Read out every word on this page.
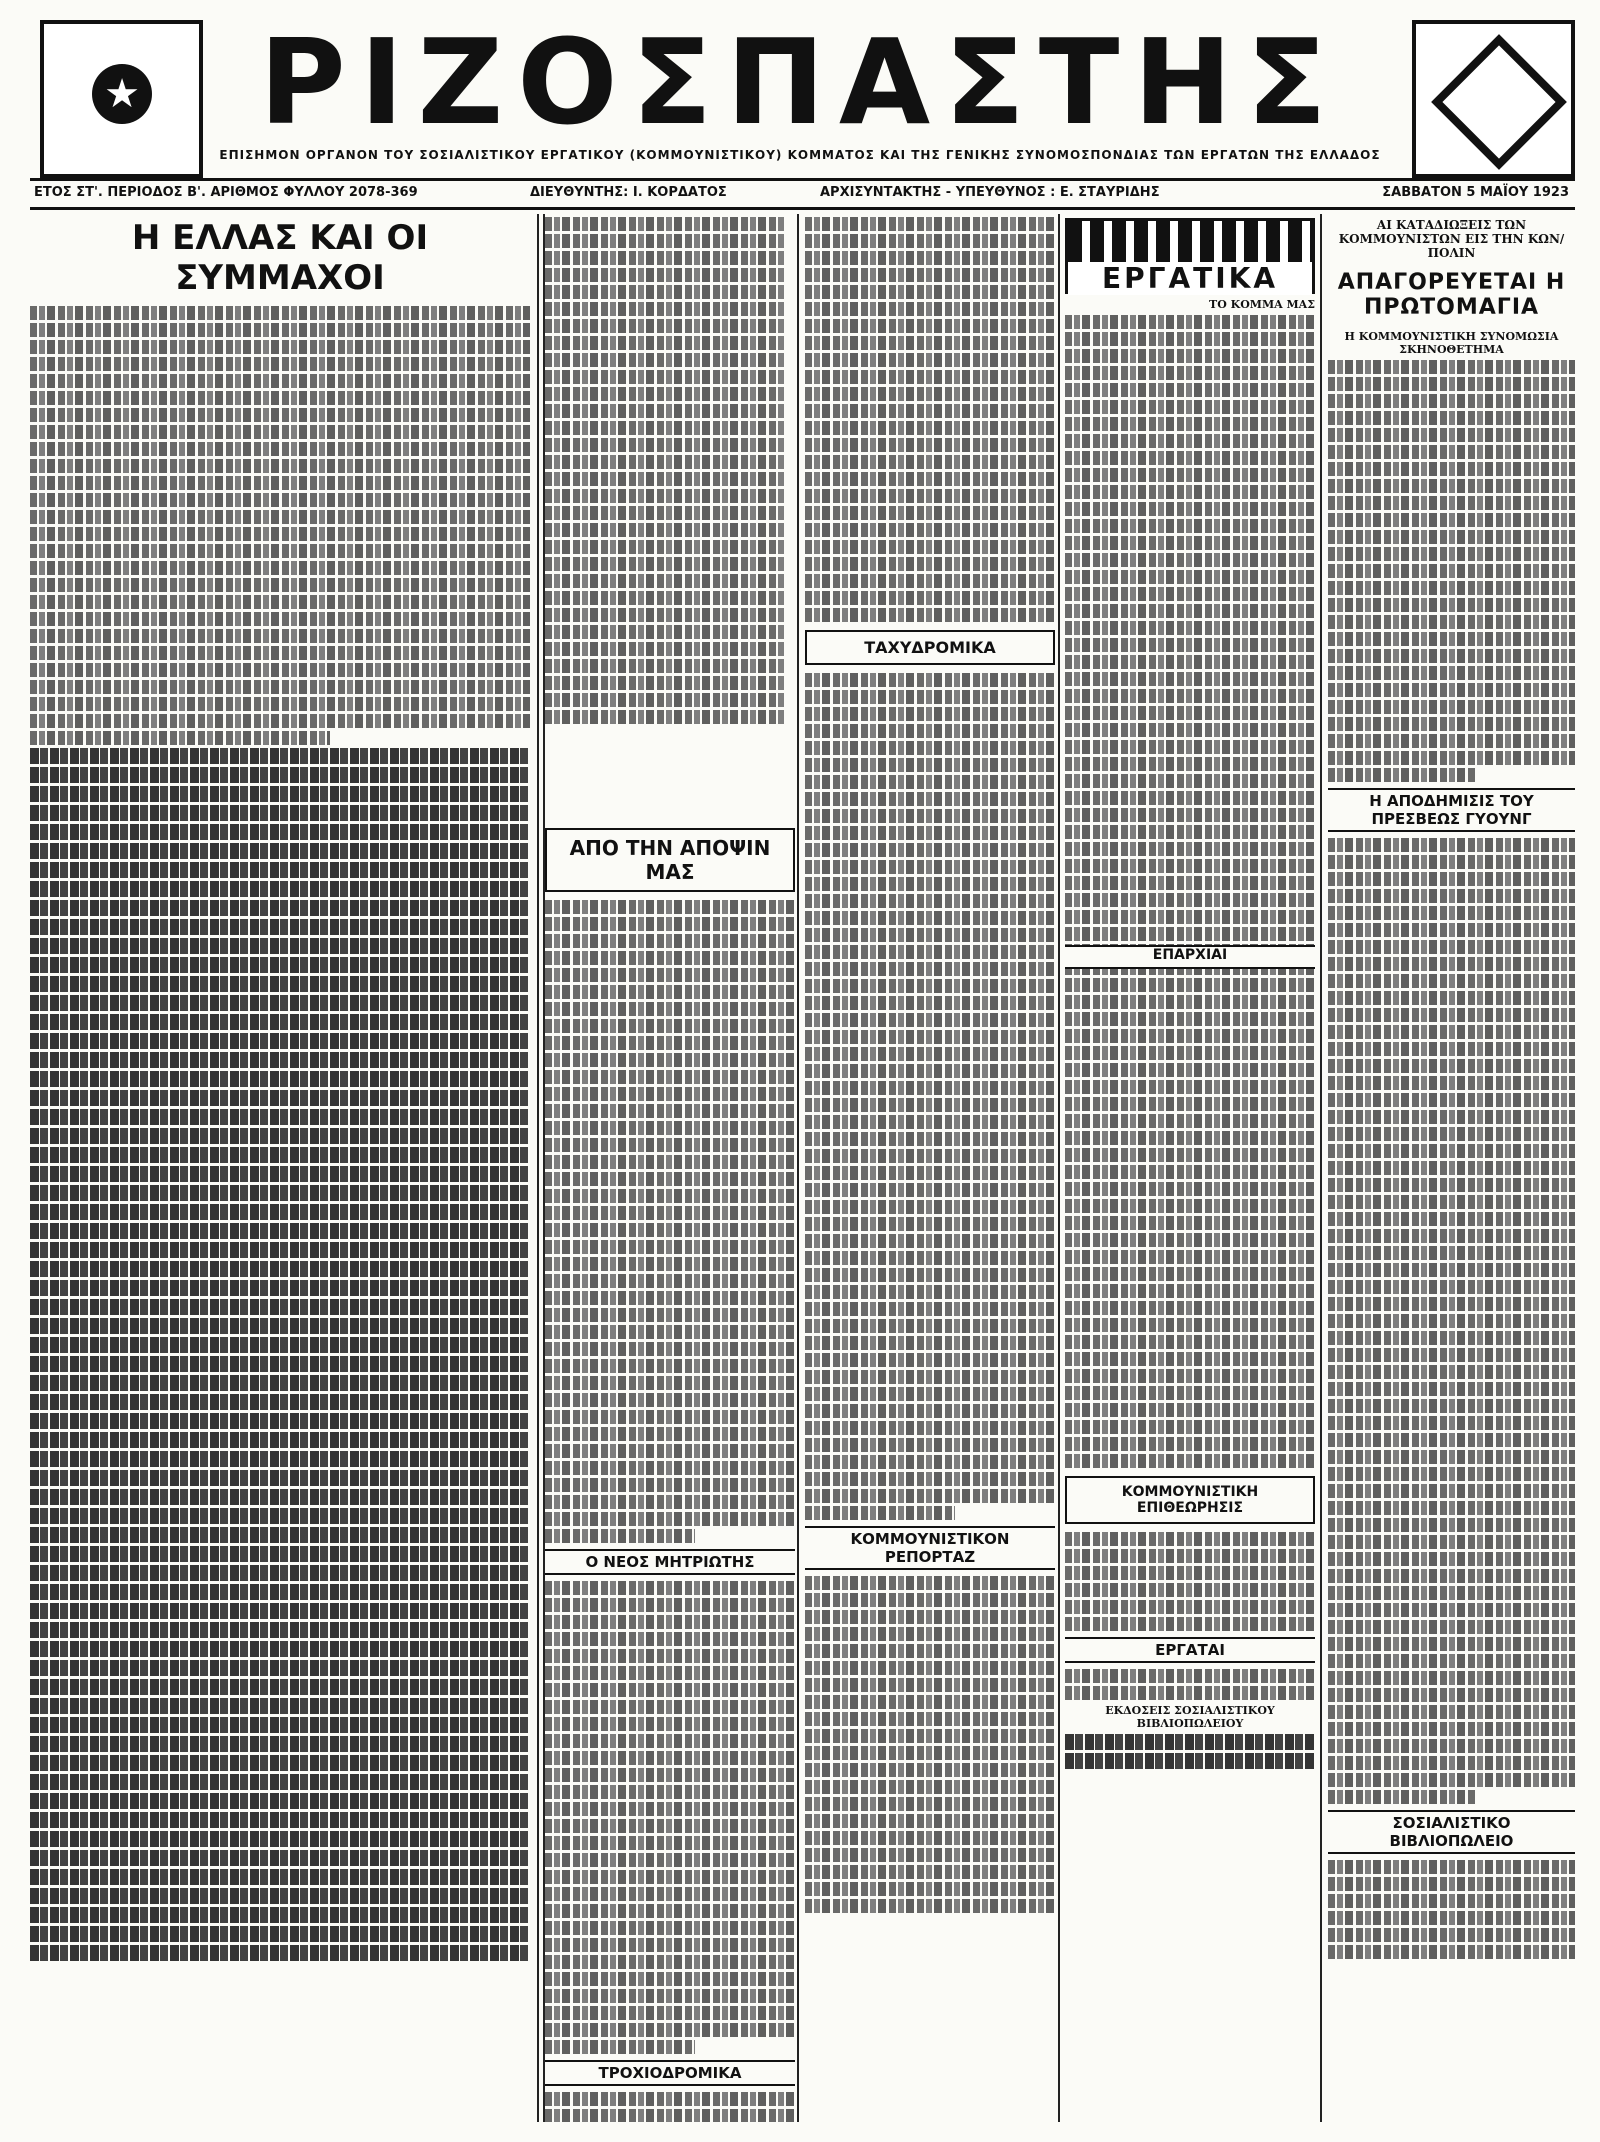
★	ΡΙΖΟΣΠΑΣΤΗΣ
ΕΠΙΣΗΜΟΝ ΟΡΓΑΝΟΝ ΤΟΥ ΣΟΣΙΑΛΙΣΤΙΚΟΥ ΕΡΓΑΤΙΚΟΥ (ΚΟΜΜΟΥΝΙΣΤΙΚΟΥ) ΚΟΜΜΑΤΟΣ ΚΑΙ ΤΗΣ ΓΕΝΙΚΗΣ ΣΥΝΟΜΟΣΠΟΝΔΙΑΣ ΤΩΝ ΕΡΓΑΤΩΝ ΤΗΣ ΕΛΛΑΔΟΣ
ΕΤΟΣ ΣΤ'. ΠΕΡΙΟΔΟΣ Β'. ΑΡΙΘΜΟΣ ΦΥΛΛΟΥ 2078-369	ΔΙΕΥΘΥΝΤΗΣ: Ι. ΚΟΡΔΑΤΟΣ	ΑΡΧΙΣΥΝΤΑΚΤΗΣ - ΥΠΕΥΘΥΝΟΣ : Ε. ΣΤΑΥΡΙΔΗΣ	ΣΑΒΒΑΤΟΝ 5 ΜΑΪΟΥ 1923
Η ΕΛΛΑΣ ΚΑΙ ΟΙ ΣΥΜΜΑΧΟΙ
ΑΠΟ ΤΗΝ ΑΠΟΨΙΝ ΜΑΣ
Ο ΝΕΟΣ ΜΗΤΡΙΩΤΗΣ
ΤΡΟΧΙΟΔΡΟΜΙΚΑ
ΤΑΧΥΔΡΟΜΙΚΑ
ΚΟΜΜΟΥΝΙΣΤΙΚΟΝ ΡΕΠΟΡΤΑΖ
ΕΡΓΑΤΙΚΑ
ΤΟ ΚΟΜΜΑ ΜΑΣ
ΚΟΜΜΟΥΝΙΣΤΙΚΗ ΕΠΙΘΕΩΡΗΣΙΣ
ΕΡΓΑΤΑΙ
ΕΚΔΟΣΕΙΣ ΣΟΣΙΑΛΙΣΤΙΚΟΥ ΒΙΒΛΙΟΠΩΛΕΙΟΥ
ΑΙ ΚΑΤΑΔΙΩΞΕΙΣ ΤΩΝ ΚΟΜΜΟΥΝΙΣΤΩΝ ΕΙΣ ΤΗΝ ΚΩΝ/ΠΟΛΙΝ
ΑΠΑΓΟΡΕΥΕΤΑΙ Η ΠΡΩΤΟΜΑΓΙΑ
Η ΚΟΜΜΟΥΝΙΣΤΙΚΗ ΣΥΝΟΜΩΣΙΑ ΣΚΗΝΟΘΕΤΗΜΑ
Η ΑΠΟΔΗΜΙΣΙΣ ΤΟΥ ΠΡΕΣΒΕΩΣ ΓΥΟΥΝΓ
ΣΟΣΙΑΛΙΣΤΙΚΟ ΒΙΒΛΙΟΠΩΛΕΙΟ
ΕΠΑΡΧΙΑΙ
